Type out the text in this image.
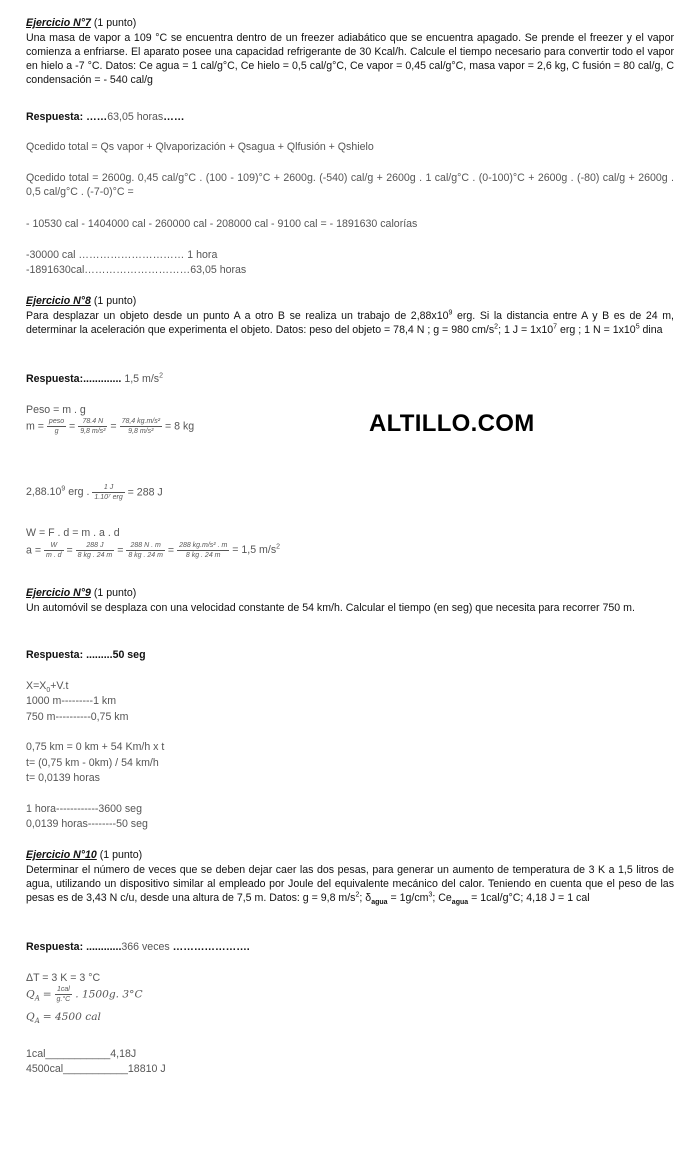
Ejercicio N°7 (1 punto)
Una masa de vapor a 109 °C se encuentra dentro de un freezer adiabático que se encuentra apagado. Se prende el freezer y el vapor comienza a enfriarse. El aparato posee una capacidad refrigerante de 30 Kcal/h. Calcule el tiempo necesario para convertir todo el vapor en hielo a -7 °C. Datos: Ce agua = 1 cal/g°C, Ce hielo = 0,5 cal/g°C, Ce vapor = 0,45 cal/g°C, masa vapor = 2,6 kg, C fusión = 80 cal/g, C condensación = - 540 cal/g
Respuesta: ……63,05 horas……
Qcedido total = Qs vapor + Qlvaporización + Qsagua + Qlfusión + Qshielo
Qcedido total = 2600g. 0,45 cal/g°C . (100 - 109)°C + 2600g. (-540) cal/g + 2600g . 1 cal/g°C . (0-100)°C + 2600g . (-80) cal/g + 2600g . 0,5 cal/g°C . (-7-0)°C =
- 10530 cal - 1404000 cal - 260000 cal - 208000 cal - 9100 cal = - 1891630 calorías
-30000 cal ………………………… 1 hora
-1891630cal…………………………63,05 horas
Ejercicio N°8 (1 punto)
Para desplazar un objeto desde un punto A a otro B se realiza un trabajo de $2,88x10^9$ erg. Si la distancia entre A y B es de 24 m, determinar la aceleración que experimenta el objeto. Datos: peso del objeto = 78,4 N ; g = 980 $cm/s^2$; 1 $J = 1x10^7$ erg ; 1 $N = 1x10^5$ dina
Respuesta:............. 1,5 $m/s^2$
Peso = m . g
$m = \frac{\text{peso}}{g} = \frac{78.4 N}{\text{9,8 m/s²}} = \frac{\text{78,4 kg.m/s²}}{\text{9,8 m/s²}} = 8$ kg
2,88.10$^9$ erg . $\frac{1 J}{\text{1.10⁷ erg}} = 288$ J
W = F . d = m . a . d
$a = \frac{W}{m . d} = \frac{288 J}{8 kg . 24 m} = \frac{288 N . m}{8 kg . 24 m} = \frac{\text{288 kg.m/s² . m}}{8 kg . 24 m} = 1,5$ $m/s^2$
ALTILLO.COM
Ejercicio N°9 (1 punto)
Un automóvil se desplaza con una velocidad constante de 54 km/h. Calcular el tiempo (en seg) que necesita para recorrer 750 m.
Respuesta: .........50 seg
$X=X_0+V.t$
1000 m---------1 km
750 m----------0,75 km
0,75 km = 0 km + 54 Km/h x t
t= (0,75 km - 0km) / 54 km/h
t= 0,0139 horas
1 hora------------3600 seg
0,0139 horas--------50 seg
Ejercicio N°10 (1 punto)
Determinar el número de veces que se deben dejar caer las dos pesas, para generar un aumento de temperatura de 3 K a 1,5 litros de agua, utilizando un dispositivo similar al empleado por Joule del equivalente mecánico del calor. Teniendo en cuenta que el peso de las pesas es de 3,43 N c/u, desde una altura de 7,5 m. Datos: g = 9,8 $m/s^2$; $\delta_{agua} = 1g/cm^3$; $Ce_{agua} = 1cal/g^\circ C$; 4,18 J = 1 cal
Respuesta: ............366 veces ………………….
ΔT = 3 K = 3 °C
$Q_A = \frac{\text{1cal}}{g.^\circ C}$ . 1500g. 3°C
$Q_A = 4500$ cal
1cal___________4,18J
4500cal___________18810 J
